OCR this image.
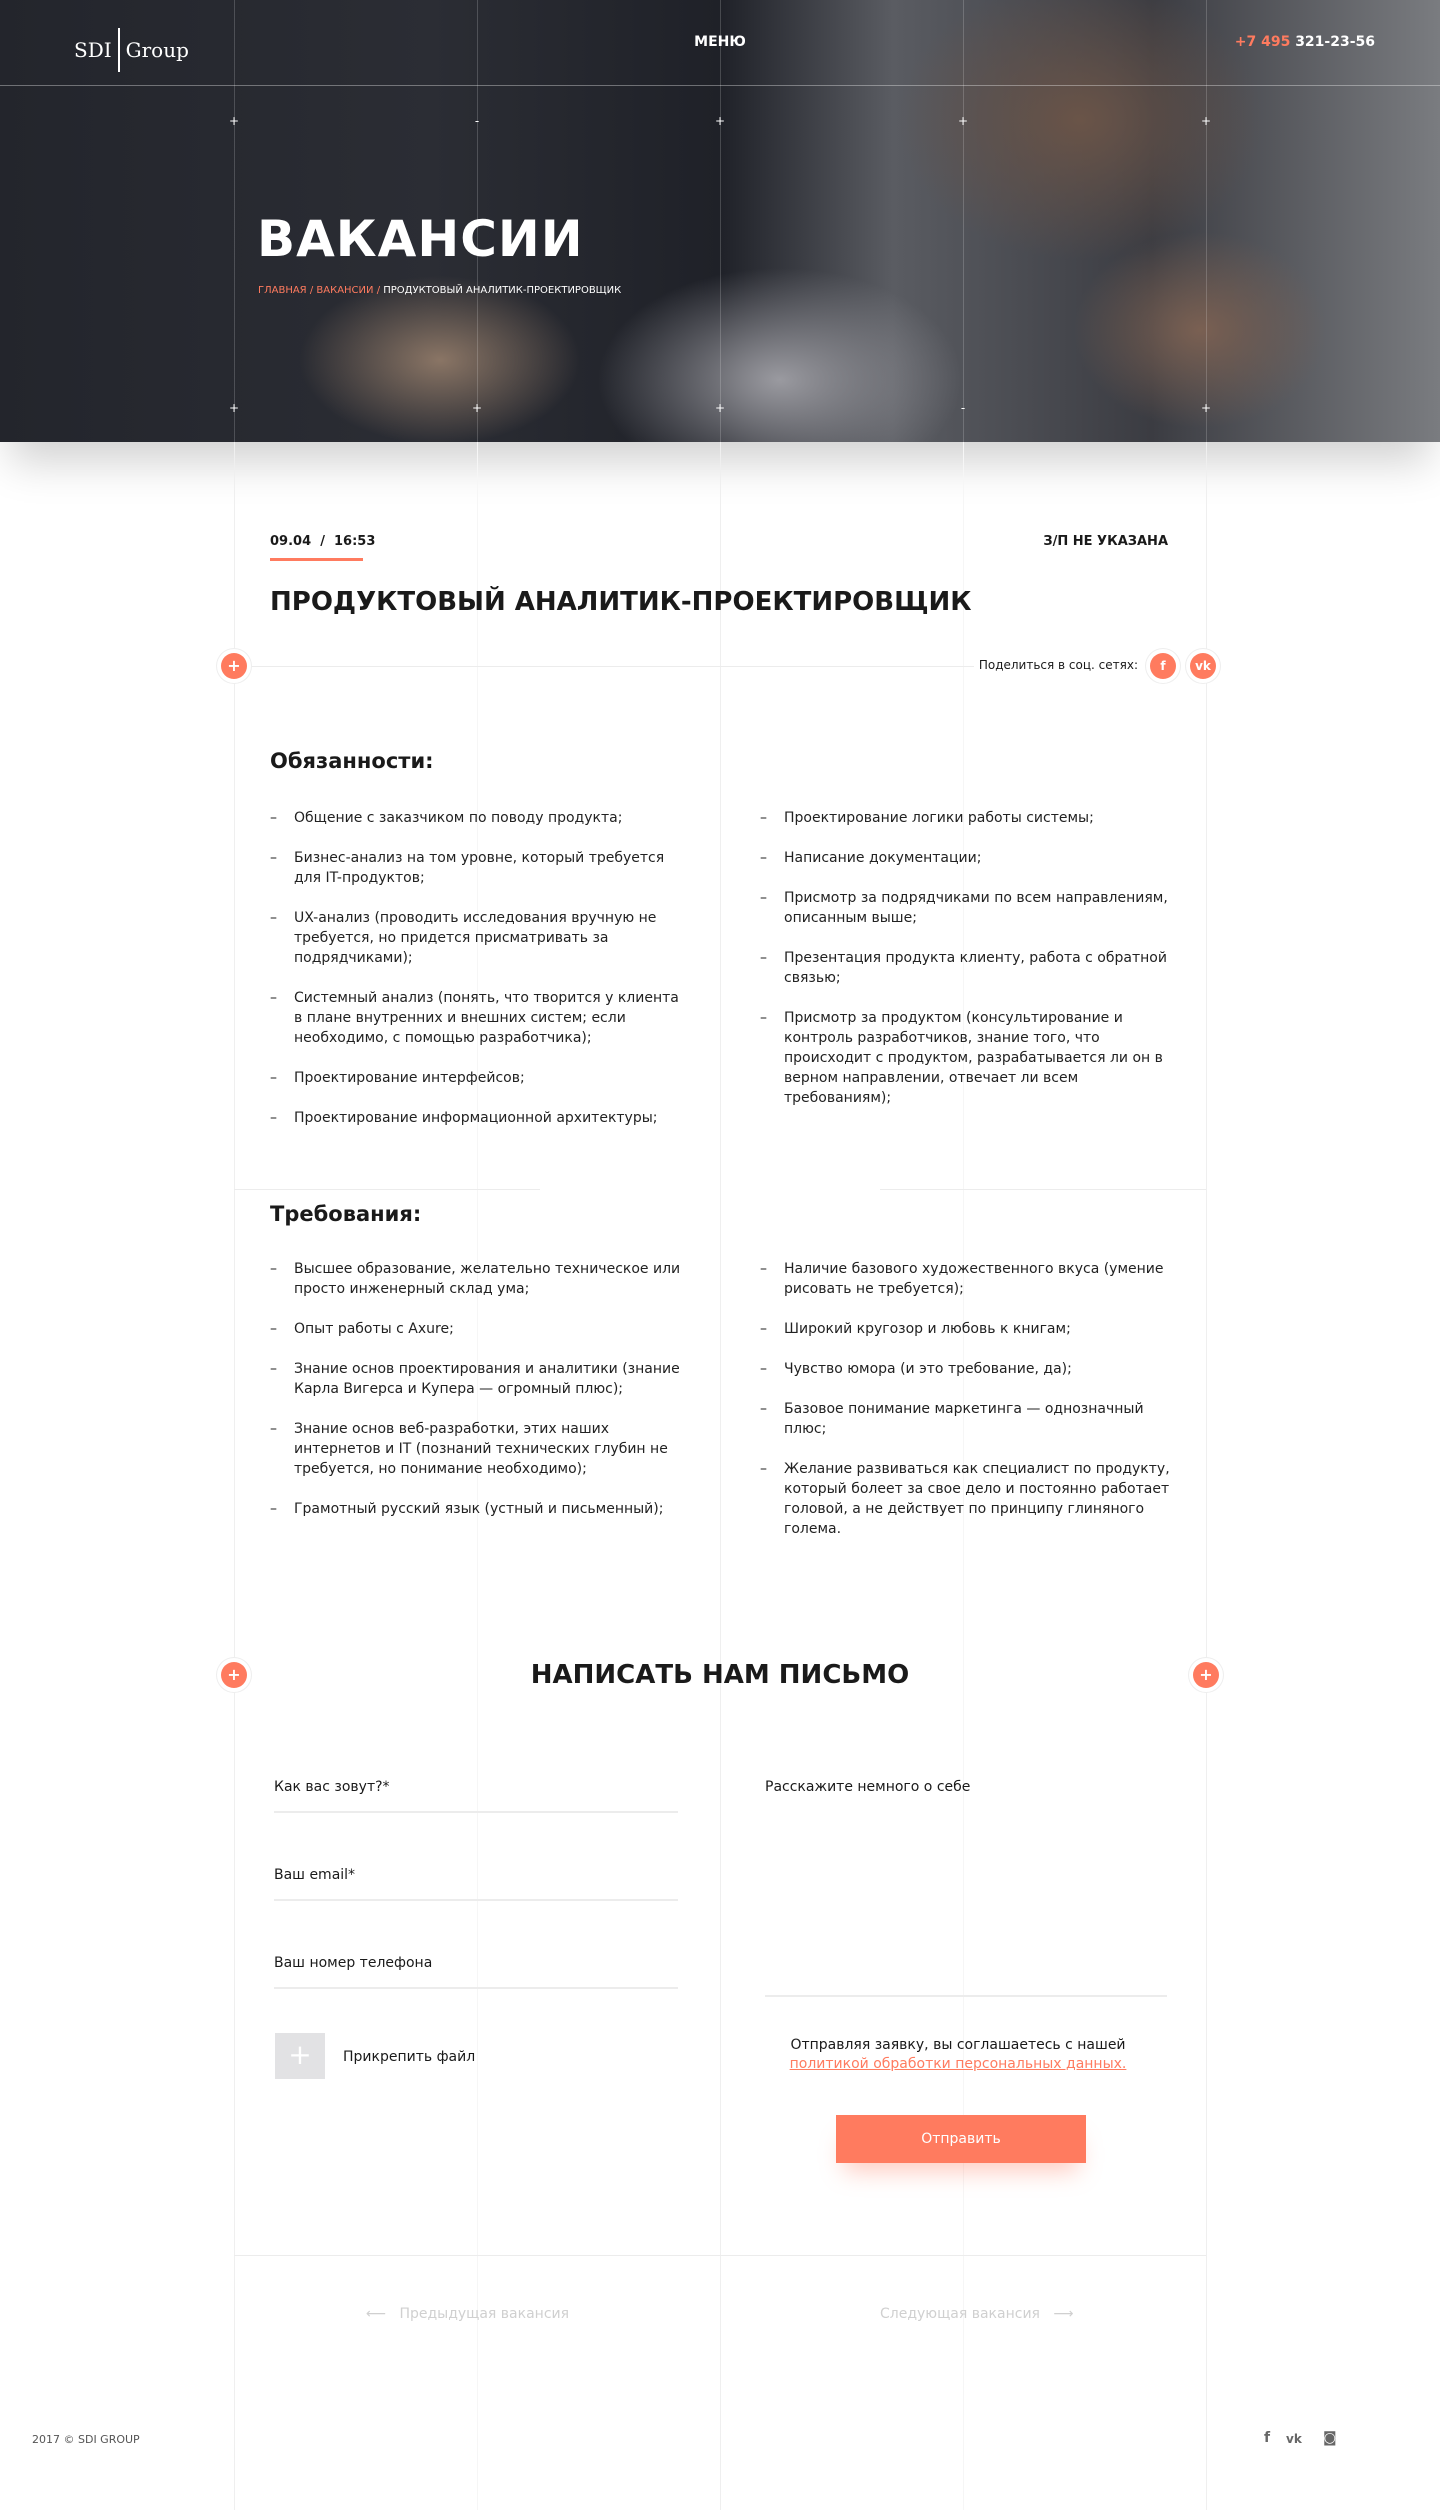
+	-	+	+	+
+	+	+	-	+
SDI Group	МЕНЮ	+7 495 321-23-56
ВАКАНСИИ
ГЛАВНАЯ / ВАКАНСИИ / ПРОДУКТОВЫЙ АНАЛИТИК-ПРОЕКТИРОВЩИК
09.04 / 16:53	З/П НЕ УКАЗАНА
ПРОДУКТОВЫЙ АНАЛИТИК-ПРОЕКТИРОВЩИК
+	Поделиться в соц. сетях:	f	vk
Обязанности:
– Общение с заказчиком по поводу продукта;
– Бизнес-анализ на том уровне, который требуется для IT-продуктов;
– UX-анализ (проводить исследования вручную не требуется, но придется присматривать за подрядчиками);
– Системный анализ (понять, что творится у клиента в плане внутренних и внешних систем; если необходимо, с помощью разработчика);
– Проектирование интерфейсов;
– Проектирование информационной архитектуры;
– Проектирование логики работы системы;
– Написание документации;
– Присмотр за подрядчиками по всем направлениям, описанным выше;
– Презентация продукта клиенту, работа с обратной связью;
– Присмотр за продуктом (консультирование и контроль разработчиков, знание того, что происходит с продуктом, разрабатывается ли он в верном направлении, отвечает ли всем требованиям);
Требования:
– Высшее образование, желательно техническое или просто инженерный склад ума;
– Опыт работы с Axure;
– Знание основ проектирования и аналитики (знание Карла Вигерса и Купера — огромный плюс);
– Знание основ веб-разработки, этих наших интернетов и IT (познаний технических глубин не требуется, но понимание необходимо);
– Грамотный русский язык (устный и письменный);
– Наличие базового художественного вкуса (умение рисовать не требуется);
– Широкий кругозор и любовь к книгам;
– Чувство юмора (и это требование, да);
– Базовое понимание маркетинга — однозначный плюс;
– Желание развиваться как специалист по продукту, который болеет за свое дело и постоянно работает головой, а не действует по принципу глиняного голема.
+	+
НАПИСАТЬ НАМ ПИСЬМО
Как вас зовут?*
Ваш email*
Ваш номер телефона
Расскажите немного о себе
+	Прикрепить файл
Отправляя заявку, вы соглашаетесь с нашей
политикой обработки персональных данных.
Отправить
⟵ Предыдущая вакансия	Следующая вакансия ⟶
2017 © SDI GROUP	f vk ◙
